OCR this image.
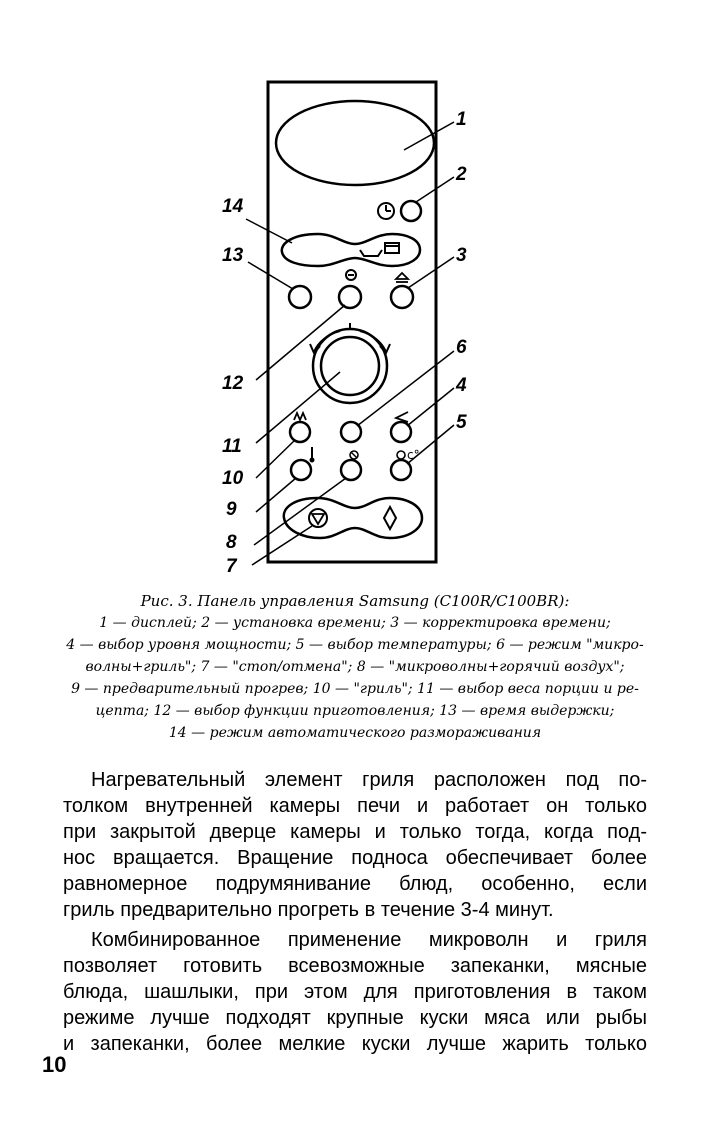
c°
1
2
3
6
4
5
14
13
12
11
10
9
8
7
Рис. 3. Панель управления Samsung (С100R/С100BR):
1 — дисплей; 2 — установка времени; 3 — корректировка времени;
4 — выбор уровня мощности; 5 — выбор температуры; 6 — режим "микро-
волны+гриль"; 7 — "стоп/отмена"; 8 — "микроволны+горячий воздух";
9 — предварительный прогрев; 10 — "гриль"; 11 — выбор веса порции и ре-
цепта; 12 — выбор функции приготовления; 13 — время выдержки;
14 — режим автоматического размораживания
Нагревательный элемент гриля расположен под по-
толком внутренней камеры печи и работает он только
при закрытой дверце камеры и только тогда, когда под-
нос вращается. Вращение подноса обеспечивает более
равномерное подрумянивание блюд, особенно, если
гриль предварительно прогреть в течение 3-4 минут.
Комбинированное применение микроволн и гриля
позволяет готовить всевозможные запеканки, мясные
блюда, шашлыки, при этом для приготовления в таком
режиме лучше подходят крупные куски мяса или рыбы
и запеканки, более мелкие куски лучше жарить только
10
